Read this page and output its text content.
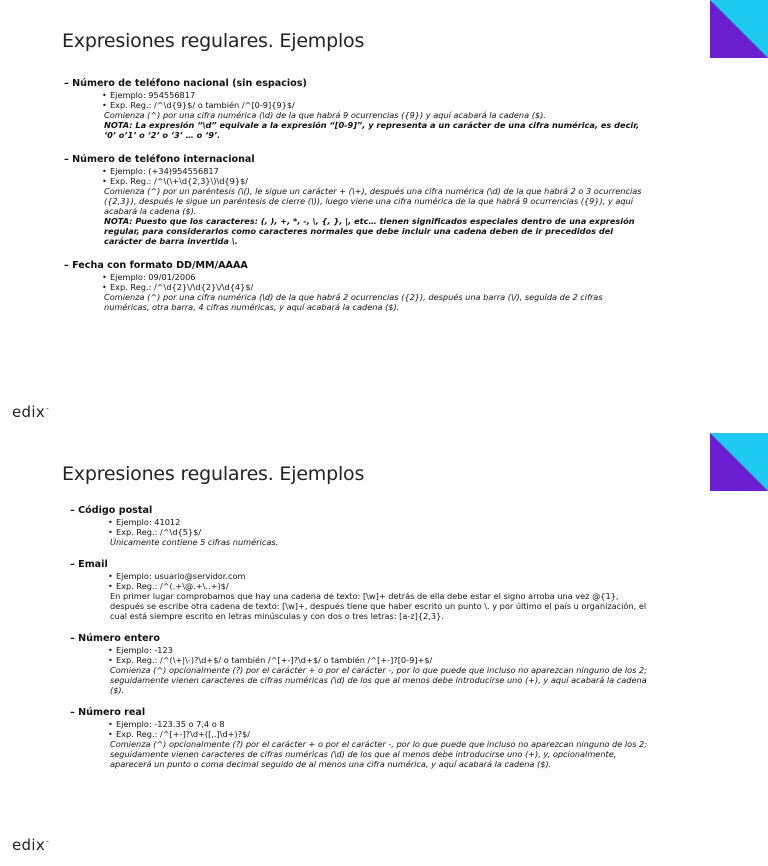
Expresiones regulares. Ejemplos
– Número de teléfono nacional (sin espacios)
• Ejemplo: 954556817
• Exp. Reg.: /^\d{9}$/ o también /^[0-9]{9}$/
Comienza (^) por una cifra numérica (\d) de la que habrá 9 ocurrencias ({9}) y aquí acabará la cadena ($).
NOTA: La expresión “\d” equivale a la expresión “[0-9]”, y representa a un carácter de una cifra numérica, es decir, ‘0’ o’1’ o ‘2’ o ‘3’ … o ‘9’.
– Número de teléfono internacional
• Ejemplo: (+34)954556817
• Exp. Reg.: /^\(\+\d{2,3}\)\d{9}$/
Comienza (^) por un paréntesis (\(), le sigue un carácter + (\+), después una cifra numérica (\d) de la que habrá 2 o 3 ocurrencias ({2,3}), después le sigue un paréntesis de cierre (\)), luego viene una cifra numérica de la que habrá 9 ocurrencias ({9}), y aquí acabará la cadena ($).
NOTA: Puesto que los caracteres: (, ), +, *, -, \, {, }, |, etc… tienen significados especiales dentro de una expresión regular, para considerarlos como caracteres normales que debe incluir una cadena deben de ir precedidos del carácter de barra invertida \.
– Fecha con formato DD/MM/AAAA
• Ejemplo: 09/01/2006
• Exp. Reg.: /^\d{2}\/\d{2}\/\d{4}$/
Comienza (^) por una cifra numérica (\d) de la que habrá 2 ocurrencias ({2}), después una barra (\/), seguida de 2 cifras numéricas, otra barra, 4 cifras numéricas, y aquí acabará la cadena ($).
edix-
Expresiones regulares. Ejemplos
– Código postal
• Ejemplo: 41012
• Exp. Reg.: /^\d{5}$/
Únicamente contiene 5 cifras numéricas.
– Email
• Ejemplo: usuario@servidor.com
• Exp. Reg.: /^(.+\@.+\..+)$/
En primer lugar comprobamos que hay una cadena de texto: [\w]+ detrás de ella debe estar el signo arroba una vez @{1}, después se escribe otra cadena de texto: [\w]+, después tiene que haber escrito un punto \. y por último el país u organización, el cual está siempre escrito en letras minúsculas y con dos o tres letras: [a-z]{2,3}.
– Número entero
• Ejemplo: -123
• Exp. Reg.: /^(\+|\-)?\d+$/ o también /^[+-]?\d+$/ o también /^[+-]?[0-9]+$/
Comienza (^) opcionalmente (?) por el carácter + o por el carácter -, por lo que puede que incluso no aparezcan ninguno de los 2; seguidamente vienen caracteres de cifras numéricas (\d) de los que al menos debe introducirse uno (+), y aquí acabará la cadena ($).
– Número real
• Ejemplo: -123.35 o 7,4 o 8
• Exp. Reg.: /^[+-]?\d+([,.]\d+)?$/
Comienza (^) opcionalmente (?) por el carácter + o por el carácter -, por lo que puede que incluso no aparezcan ninguno de los 2; seguidamente vienen caracteres de cifras numéricas (\d) de los que al menos debe introducirse uno (+), y, opcionalmente, aparecerá un punto o coma decimal seguido de al menos una cifra numérica, y aquí acabará la cadena ($).
edix-
